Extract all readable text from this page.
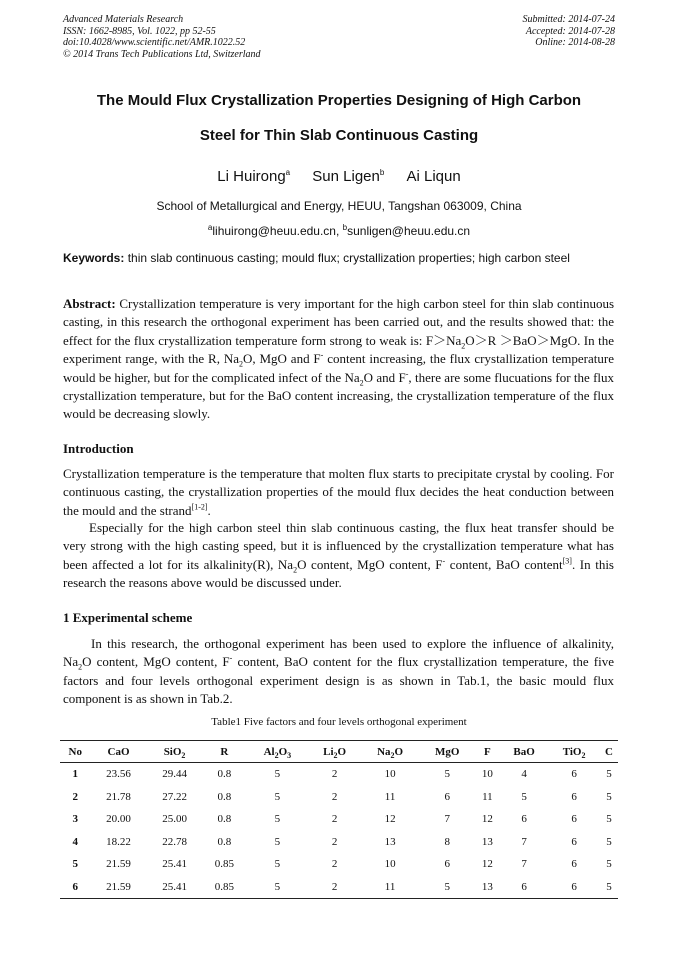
Advanced Materials Research
ISSN: 1662-8985, Vol. 1022, pp 52-55
doi:10.4028/www.scientific.net/AMR.1022.52
© 2014 Trans Tech Publications Ltd, Switzerland
Submitted: 2014-07-24
Accepted: 2014-07-28
Online: 2014-08-28
The Mould Flux Crystallization Properties Designing of High Carbon
Steel for Thin Slab Continuous Casting
Li Huirong$^a$ Sun Ligen$^b$ Ai Liqun
School of Metallurgical and Energy, HEUU, Tangshan 063009, China
$^a$lihuirong@heuu.edu.cn, $^b$sunligen@heuu.edu.cn
Keywords: thin slab continuous casting; mould flux; crystallization properties; high carbon steel

Abstract: Crystallization temperature is very important for the high carbon steel for thin slab continuous casting, in this research the orthogonal experiment has been carried out, and the results showed that: the effect for the flux crystallization temperature form strong to weak is: $F>Na_2O>R >BaO>MgO$. In the experiment range, with the R, $Na_2O$, MgO and F- content increasing, the flux crystallization temperature would be higher, but for the complicated infect of the $Na_2O$ and F-, there are some flucuations for the flux crystallization temperature, but for the BaO content increasing, the crystallization temperature of the flux would be decreasing slowly.

Introduction

Crystallization temperature is the temperature that molten flux starts to precipitate crystal by cooling. For continuous casting, the crystallization properties of the mould flux decides the heat conduction between the mould and the strand[1-2].

Especially for the high carbon steel thin slab continuous casting, the flux heat transfer should be very strong with the high casting speed, but it is influenced by the crystallization temperature what has been affected a lot for its alkalinity(R), $Na_2O$ content, MgO content, F- content, BaO content[3]. In this research the reasons above would be discussed under.

1 Experimental scheme

In this research, the orthogonal experiment has been used to explore the influence of alkalinity, $Na_2O$ content, MgO content, F- content, BaO content for the flux crystallization temperature, the five factors and four levels orthogonal experiment design is as shown in Tab.1, the basic mould flux component is as shown in Tab.2.

Table1 Five factors and four levels orthogonal experiment
No	CaO	SiO$_2$	R	$Al_2O_3$	$Li_2O$	$Na_2O$	MgO	F	BaO	TiO$_2$	C
1	23.56	29.44	0.8	5	2	10	5	10	4	6	5
2	21.78	27.22	0.8	5	2	11	6	11	5	6	5
3	20.00	25.00	0.8	5	2	12	7	12	6	6	5
4	18.22	22.78	0.8	5	2	13	8	13	7	6	5
5	21.59	25.41	0.85	5	2	10	6	12	7	6	5
6	21.59	25.41	0.85	5	2	11	5	13	6	6	5
